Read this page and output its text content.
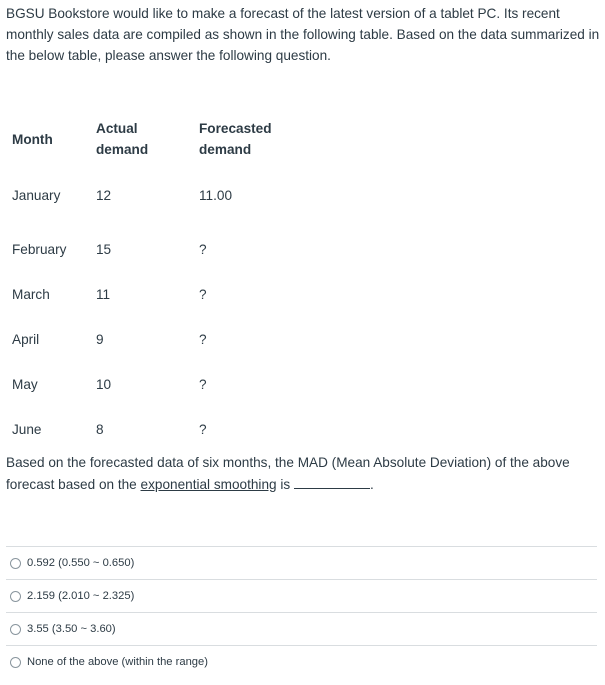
BGSU Bookstore would like to make a forecast of the latest version of a tablet PC. Its recent monthly sales data are compiled as shown in the following table. Based on the data summarized in the below table, please answer the following question.

Month	Actual demand	Forecasted demand
January	12	11.00
February	15	?
March	11	?
April	9	?
May	10	?
June	8	?

Based on the forecasted data of six months, the MAD (Mean Absolute Deviation) of the above forecast based on the exponential smoothing is	.

0.592 (0.550 ~ 0.650)
2.159 (2.010 ~ 2.325)
3.55 (3.50 ~ 3.60)
None of the above (within the range)
